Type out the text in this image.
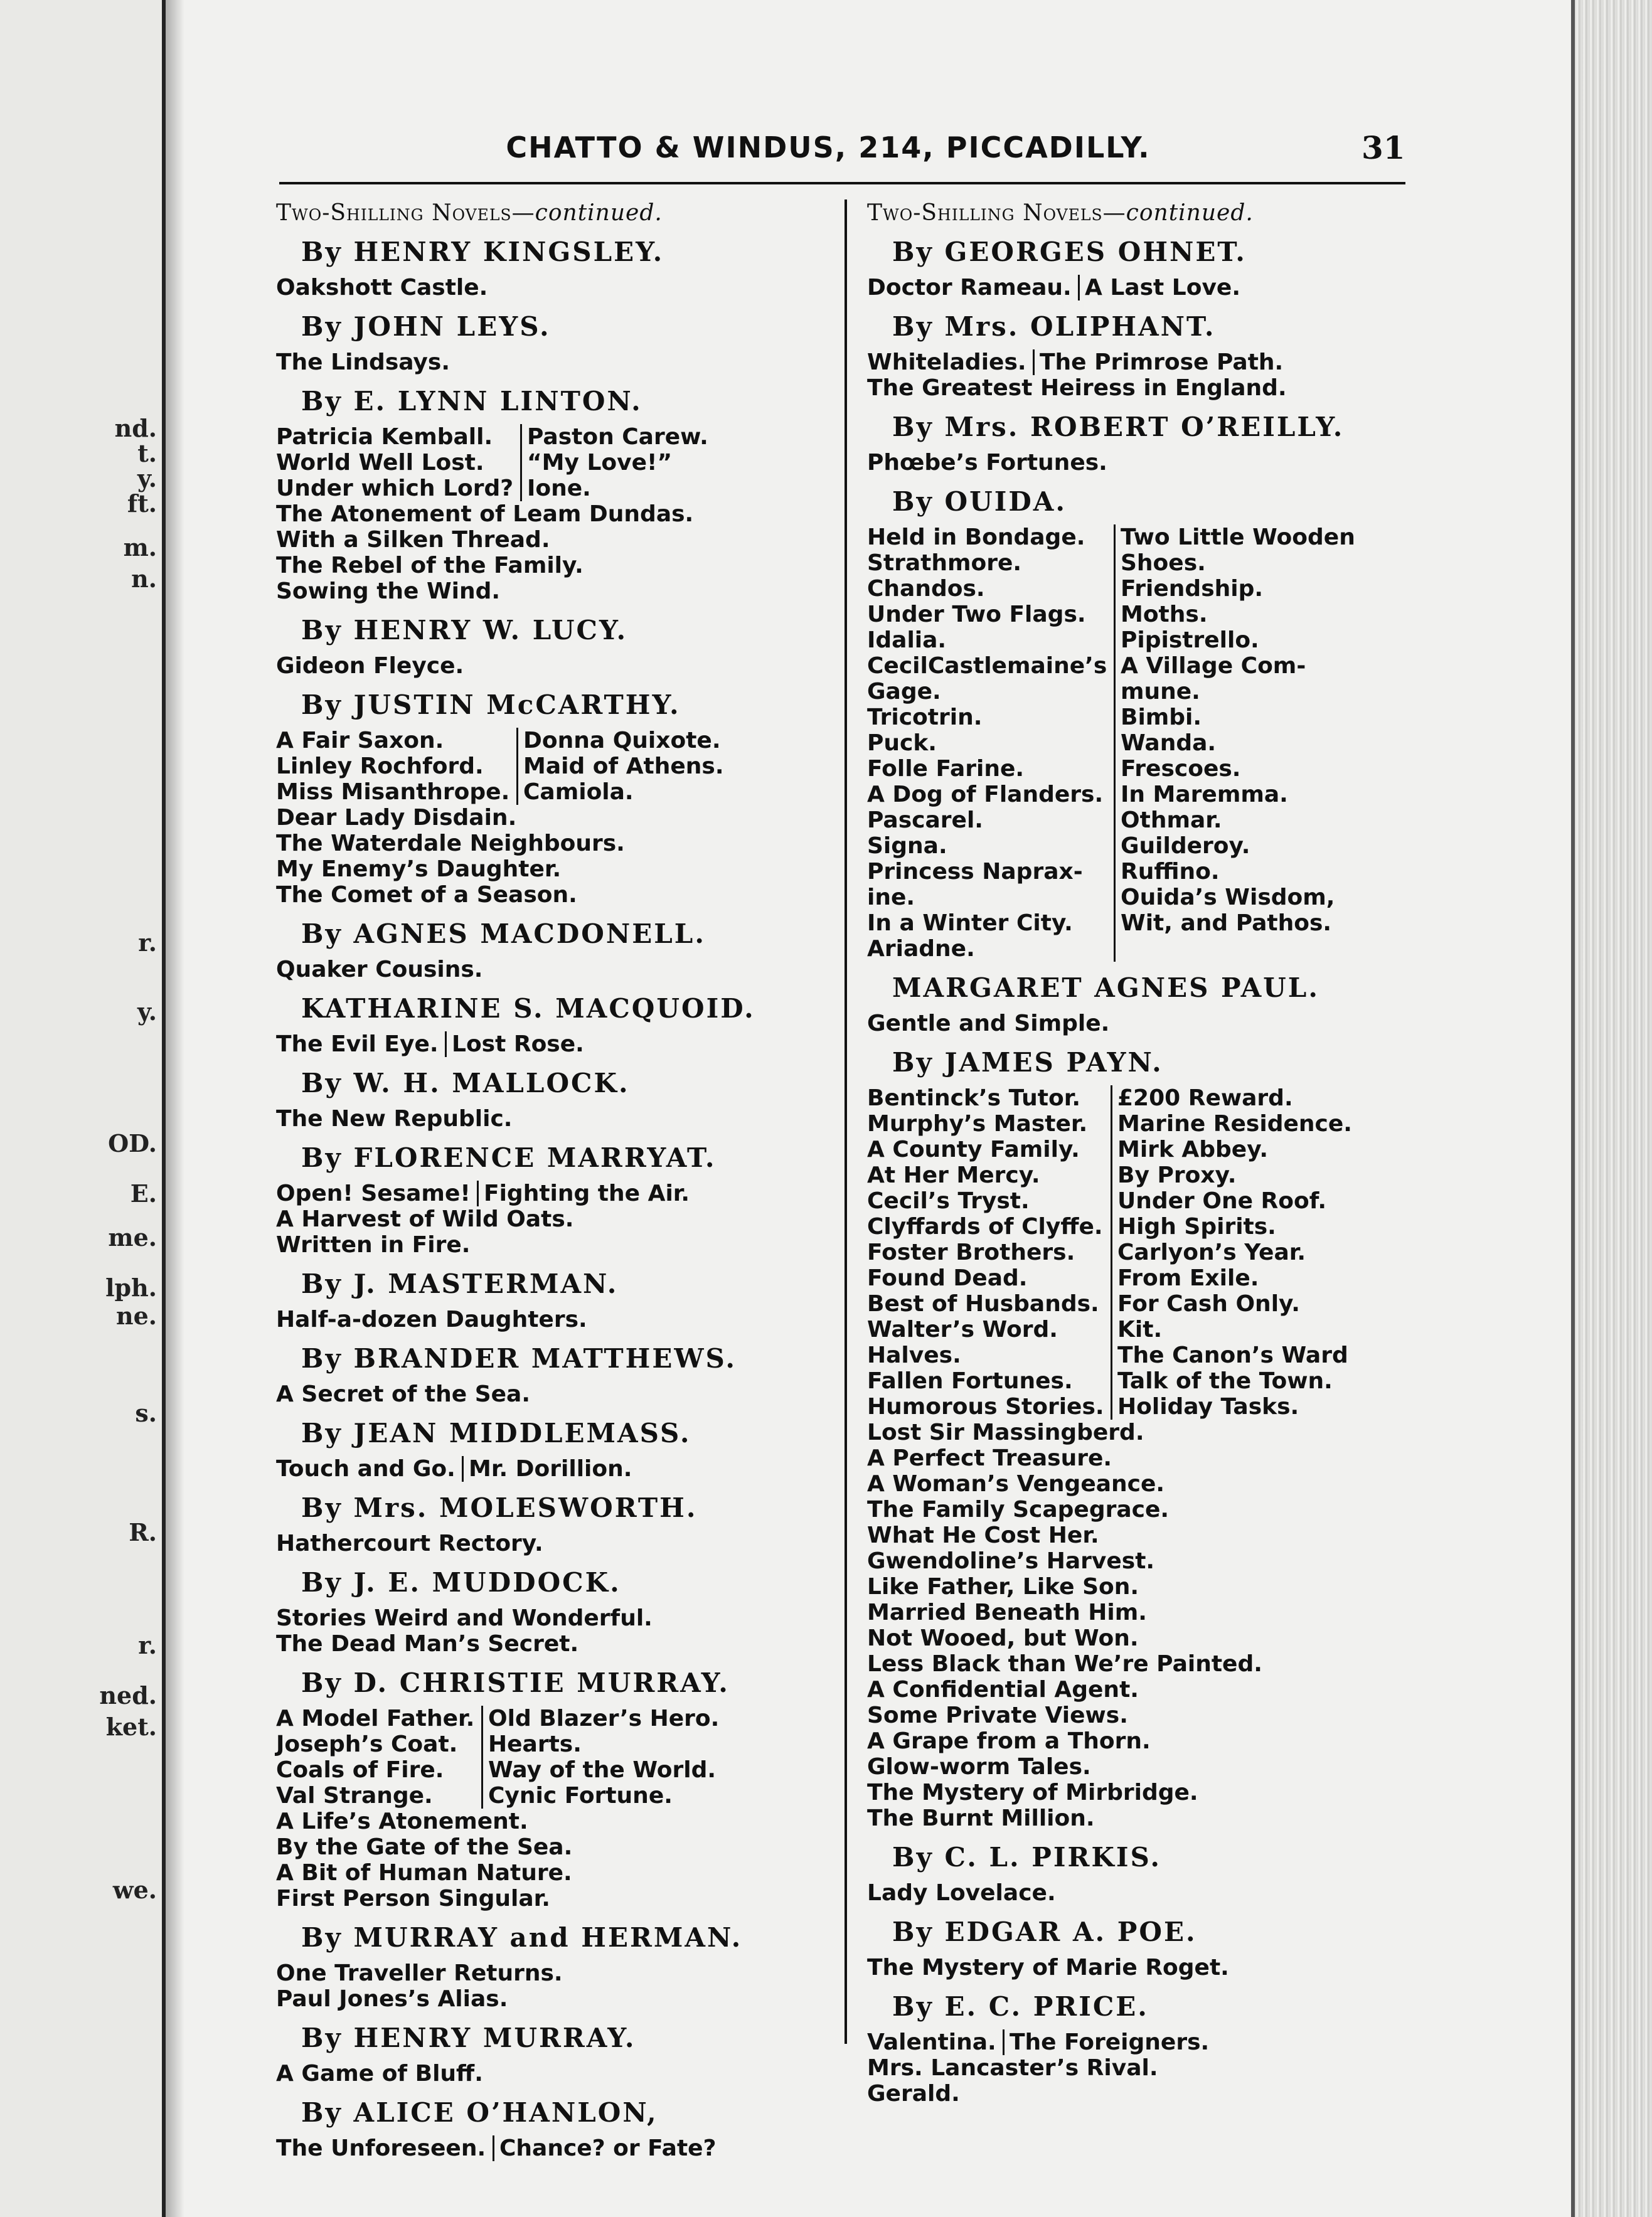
nd.
t.
y.
ft.
m.
n.
r.
y.
OD.
E.
me.
lph.
ne.
s.
R.
r.
ned.
ket.
we.
CHATTO & WINDUS, 214, PICCADILLY.	31
Two-Shilling Novels—continued.
By HENRY KINGSLEY.
Oakshott Castle.
By JOHN LEYS.
The Lindsays.
By E. LYNN LINTON.
Patricia Kemball.	Paston Carew.
World Well Lost.	“My Love!”
Under which Lord? Ione.
The Atonement of Leam Dundas.
With a Silken Thread.
The Rebel of the Family.
Sowing the Wind.
By HENRY W. LUCY.
Gideon Fleyce.
By JUSTIN McCARTHY.
A Fair Saxon.	Donna Quixote.
Linley Rochford.	Maid of Athens.
Miss Misanthrope. Camiola.
Dear Lady Disdain.
The Waterdale Neighbours.
My Enemy’s Daughter.
The Comet of a Season.
By AGNES MACDONELL.
Quaker Cousins.
KATHARINE S. MACQUOID.
The Evil Eye. Lost Rose.
By W. H. MALLOCK.
The New Republic.
By FLORENCE MARRYAT.
Open! Sesame! Fighting the Air.
A Harvest of Wild Oats.
Written in Fire.
By J. MASTERMAN.
Half-a-dozen Daughters.
By BRANDER MATTHEWS.
A Secret of the Sea.
By JEAN MIDDLEMASS.
Touch and Go. Mr. Dorillion.
By Mrs. MOLESWORTH.
Hathercourt Rectory.
By J. E. MUDDOCK.
Stories Weird and Wonderful.
The Dead Man’s Secret.
By D. CHRISTIE MURRAY.
A Model Father. Old Blazer’s Hero.
Joseph’s Coat.	Hearts.
Coals of Fire.	Way of the World.
Val Strange.	Cynic Fortune.
A Life’s Atonement.
By the Gate of the Sea.
A Bit of Human Nature.
First Person Singular.
By MURRAY and HERMAN.
One Traveller Returns.
Paul Jones’s Alias.
By HENRY MURRAY.
A Game of Bluff.
By ALICE O’HANLON,
The Unforeseen. Chance? or Fate?
Two-Shilling Novels—continued.
By GEORGES OHNET.
Doctor Rameau. A Last Love.
By Mrs. OLIPHANT.
Whiteladies. The Primrose Path.
The Greatest Heiress in England.
By Mrs. ROBERT O’REILLY.
Phœbe’s Fortunes.
By OUIDA.
Held in Bondage.	Two Little Wooden
Strathmore.	Shoes.
Chandos.	Friendship.
Under Two Flags.	Moths.
Idalia.	Pipistrello.
CecilCastlemaine’s A Village Com-
Gage.	mune.
Tricotrin.	Bimbi.
Puck.	Wanda.
Folle Farine.	Frescoes.
A Dog of Flanders. In Maremma.
Pascarel.	Othmar.
Signa.	Guilderoy.
Princess Naprax-	Ruffino.
ine.	Ouida’s Wisdom,
In a Winter City.	Wit, and Pathos.
Ariadne.
MARGARET AGNES PAUL.
Gentle and Simple.
By JAMES PAYN.
Bentinck’s Tutor.	£200 Reward.
Murphy’s Master.	Marine Residence.
A County Family.	Mirk Abbey.
At Her Mercy.	By Proxy.
Cecil’s Tryst.	Under One Roof.
Clyffards of Clyffe. High Spirits.
Foster Brothers.	Carlyon’s Year.
Found Dead.	From Exile.
Best of Husbands. For Cash Only.
Walter’s Word.	Kit.
Halves.	The Canon’s Ward
Fallen Fortunes.	Talk of the Town.
Humorous Stories. Holiday Tasks.
Lost Sir Massingberd.
A Perfect Treasure.
A Woman’s Vengeance.
The Family Scapegrace.
What He Cost Her.
Gwendoline’s Harvest.
Like Father, Like Son.
Married Beneath Him.
Not Wooed, but Won.
Less Black than We’re Painted.
A Confidential Agent.
Some Private Views.
A Grape from a Thorn.
Glow-worm Tales.
The Mystery of Mirbridge.
The Burnt Million.
By C. L. PIRKIS.
Lady Lovelace.
By EDGAR A. POE.
The Mystery of Marie Roget.
By E. C. PRICE.
Valentina. The Foreigners.
Mrs. Lancaster’s Rival.
Gerald.
